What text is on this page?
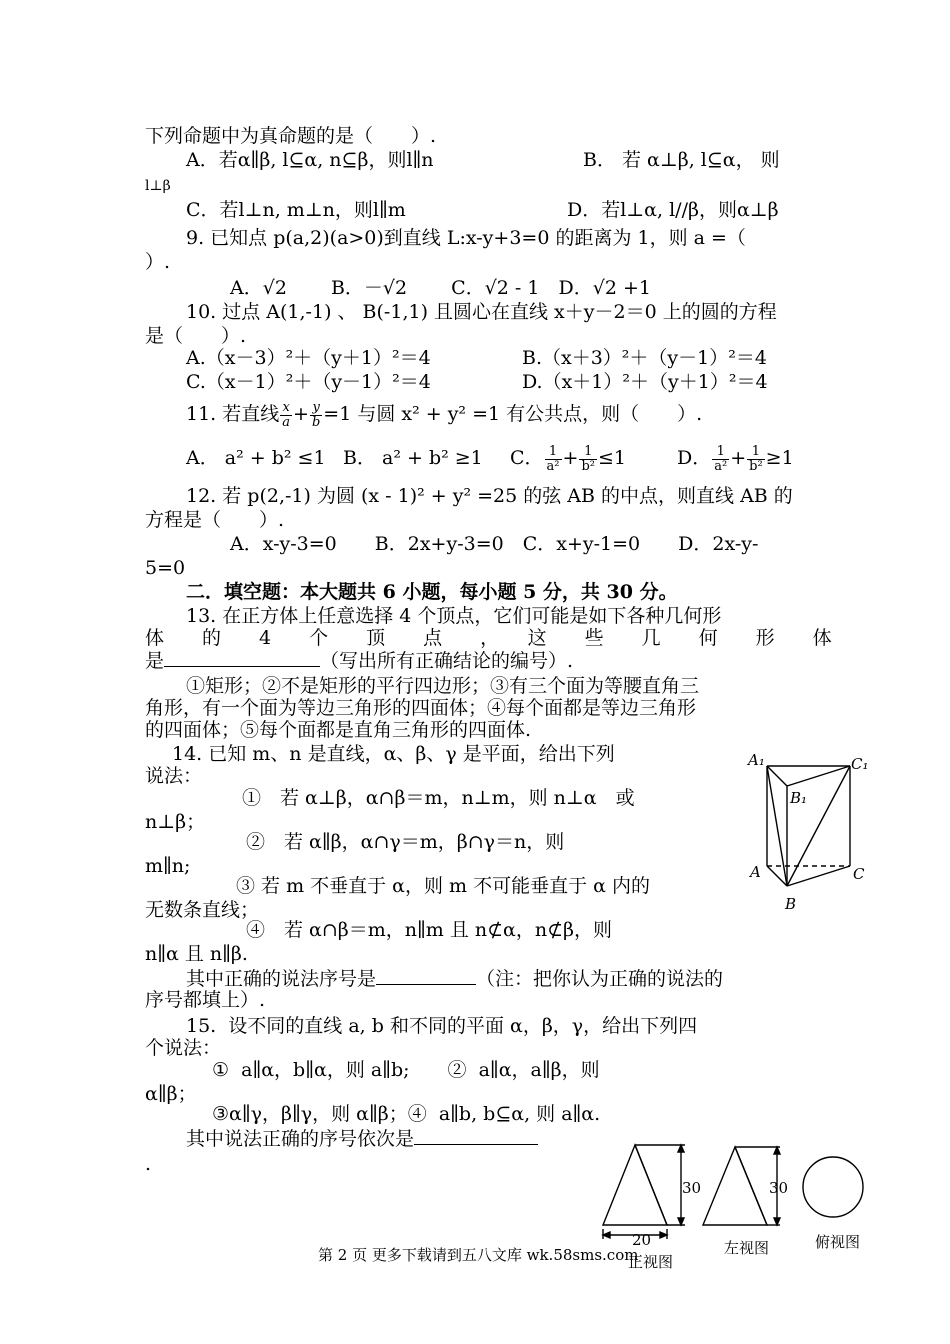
下列命题中为真命题的是（　　）.
A．若α∥β, l⊆α, n⊆β，则l∥n	B． 若 α⊥β, l⊆α， 则
l⊥β
C．若l⊥n, m⊥n，则l∥m	D．若l⊥α, l//β，则α⊥β
9. 已知点 p(a,2)(a>0)到直线 L:x-y+3=0 的距离为 1，则 a =（
）.
A．√2　　 B．－√2　　 C．√2 - 1　D．√2 +1
10. 过点 A(1,-1) 、 B(-1,1) 且圆心在直线 x＋y－2＝0 上的圆的方程
是（　　）.
A.（x－3）²＋（y＋1）²＝4	B.（x＋3）²＋（y－1）²＝4
C.（x－1）²＋（y－1）²＝4	D.（x＋1）²＋（y＋1）²＝4
11. 若直线 $\frac{x}{a} + \frac{y}{b} =1$ 与圆 x² + y² =1 有公共点，则（　　）.
A． a² + b² ≤1 B． a² + b² ≥1 C． $\frac{1}{\text{a²}} + \frac{1}{\text{b²}} \le 1$	D． $\frac{1}{\text{a²}} + \frac{1}{\text{b²}} \ge 1$
12. 若 p(2,-1) 为圆 (x - 1)² + y² =25 的弦 AB 的中点，则直线 AB 的
方程是（　　）.
A．x-y-3=0　　B．2x+y-3=0　C．x+y-1=0　　D．2x-y-
5=0
二．填空题：本大题共 6 小题，每小题 5 分，共 30 分。
13. 在正方体上任意选择 4 个顶点，它们可能是如下各种几何形
体　　的　　4　　个　　顶　　点　　，　　这　　些　　几　　何　　形　　体
是	（写出所有正确结论的编号）.
①矩形；②不是矩形的平行四边形；③有三个面为等腰直角三
角形，有一个面为等边三角形的四面体；④每个面都是等边三角形
的四面体；⑤每个面都是直角三角形的四面体.
14. 已知 m、n 是直线，α、β、γ 是平面，给出下列
说法：
①　若 α⊥β，α∩β＝m，n⊥m，则 n⊥α　或
n⊥β；
②　若 α∥β，α∩γ＝m，β∩γ＝n，则
m∥n;
③ 若 m 不垂直于 α，则 m 不可能垂直于 α 内的
无数条直线；
④　若 α∩β＝m，n∥m 且 n⊄α，n⊄β，则
n∥α 且 n∥β.
其中正确的说法序号是	（注：把你认为正确的说法的
序号都填上）.
15.  设不同的直线 a, b 和不同的平面 α，β，γ，给出下列四
个说法：
①  a∥α，b∥α，则 a∥b;　　②  a∥α，a∥β，则
α∥β；
③α∥γ，β∥γ，则 α∥β；④  a∥b, b⊆α, 则 a∥α.
其中说法正确的序号依次是
.
A₁	C₁
B₁
A	C
B
30	30
20
正视图
左视图	俯视图
第 2 页 更多下载请到五八文库 wk.58sms.com
